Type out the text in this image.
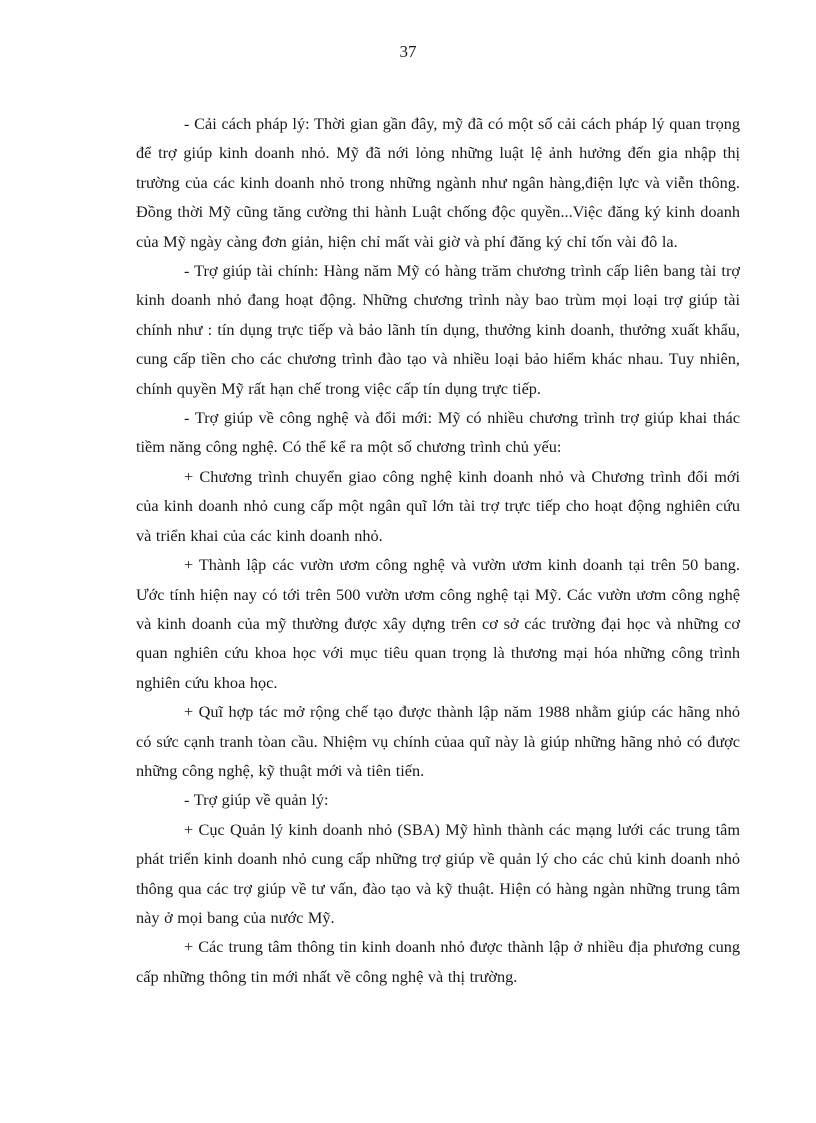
37

- Cải cách pháp lý: Thời gian gần đây, mỹ đã có một số cải cách pháp lý quan trọng để trợ giúp kinh doanh nhỏ. Mỹ đã nới lỏng những luật lệ ảnh hưởng đến gia nhập thị trường của các kinh doanh nhỏ trong những ngành như ngân hàng,điện lực và viễn thông. Đồng thời Mỹ cũng tăng cường thi hành Luật chống độc quyền...Việc đăng ký kinh doanh của Mỹ ngày càng đơn giản, hiện chỉ mất vài giờ và phí đăng ký chỉ tốn vài đô la.

- Trợ giúp tài chính: Hàng năm Mỹ có hàng trăm chương trình cấp liên bang tài trợ kinh doanh nhỏ đang hoạt động. Những chương trình này bao trùm mọi loại trợ giúp tài chính như : tín dụng trực tiếp và bảo lãnh tín dụng, thưởng kinh doanh, thưởng xuất khẩu, cung cấp tiền cho các chương trình đào tạo và nhiều loại bảo hiểm khác nhau. Tuy nhiên, chính quyền Mỹ rất hạn chế trong việc cấp tín dụng trực tiếp.

- Trợ giúp về công nghệ và đổi mới: Mỹ có nhiều chương trình trợ giúp khai thác tiềm năng công nghệ. Có thể kể ra một số chương trình chủ yếu:

+ Chương trình chuyển giao công nghệ kinh doanh nhỏ và Chương trình đổi mới của kinh doanh nhỏ cung cấp một ngân quĩ lớn tài trợ trực tiếp cho hoạt động nghiên cứu và triển khai của các kinh doanh nhỏ.

+ Thành lập các vườn ươm công nghệ và vườn ươm kinh doanh tại trên 50 bang. Ước tính hiện nay có tới trên 500 vườn ươm công nghệ tại Mỹ. Các vườn ươm công nghệ và kinh doanh của mỹ thường được xây dựng trên cơ sở các trường đại học và những cơ quan nghiên cứu khoa học với mục tiêu quan trọng là thương mại hóa những công trình nghiên cứu khoa học.

+ Quĩ hợp tác mở rộng chế tạo được thành lập năm 1988 nhằm giúp các hãng nhỏ có sức cạnh tranh tòan cầu. Nhiệm vụ chính củaa quĩ này là giúp những hãng nhỏ có được những công nghệ, kỹ thuật mới và tiên tiến.

- Trợ giúp về quản lý:

+ Cục Quản lý kinh doanh nhỏ (SBA) Mỹ hình thành các mạng lưới các trung tâm phát triển kinh doanh nhỏ cung cấp những trợ giúp về quản lý cho các chủ kinh doanh nhỏ thông qua các trợ giúp về tư vấn, đào tạo và kỹ thuật. Hiện có hàng ngàn những trung tâm này ở mọi bang của nước Mỹ.

+ Các trung tâm thông tin kinh doanh nhỏ được thành lập ở nhiều địa phương cung cấp những thông tin mới nhất về công nghệ và thị trường.
